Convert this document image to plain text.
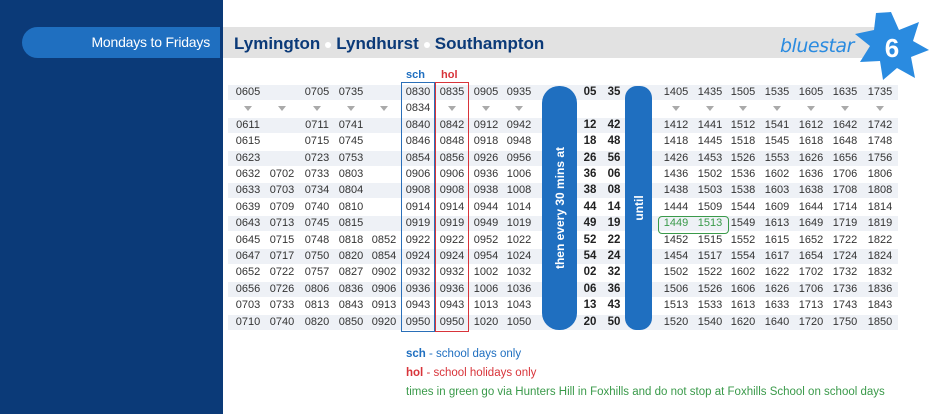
Mondays to Fridays Lymington Lyndhurst Southampton	bluestar 6
sch hol
0605	0705 0735	0830 0835 0905 0935	05 35	1405 1435 1505 1535 1605 1635 1735
0834
0611	0711 0741	0840 0842 0912 0942	12 42	1412 1441 1512 1541 1612 1642 1742
0615	0715 0745	0846 0848 0918 0948	18 48	1418 1445 1518 1545 1618 1648 1748
0623	0723 0753	0854 0856 0926 0956	26 56	1426 1453 1526 1553 1626 1656 1756
0632 0702 0733 0803	0906 0906 0936 1006	36 06	1436 1502 1536 1602 1636 1706 1806
0633 0703 0734 0804	0908 0908 0938 1008	38 08	1438 1503 1538 1603 1638 1708 1808
0639 0709 0740 0810	0914 0914 0944 1014	44 14	1444 1509 1544 1609 1644 1714 1814
0643 0713 0745 0815	0919 0919 0949 1019	49 19	1449 1513 1549 1613 1649 1719 1819
0645 0715 0748 0818 0852 0922 0922 0952 1022	52 22	1452 1515 1552 1615 1652 1722 1822
0647 0717 0750 0820 0854 0924 0924 0954 1024	54 24	1454 1517 1554 1617 1654 1724 1824
0652 0722 0757 0827 0902 0932 0932 1002 1032	02 32	1502 1522 1602 1622 1702 1732 1832
0656 0726 0806 0836 0906 0936 0936 1006 1036	06 36	1506 1526 1606 1626 1706 1736 1836
0703 0733 0813 0843 0913 0943 0943 1013 1043	13 43	1513 1533 1613 1633 1713 1743 1843
0710 0740 0820 0850 0920 0950 0950 1020 1050	20 50	1520 1540 1620 1640 1720 1750 1850
then every 30 mins at	until
sch - school days only
hol - school holidays only
times in green go via Hunters Hill in Foxhills and do not stop at Foxhills School on school days
